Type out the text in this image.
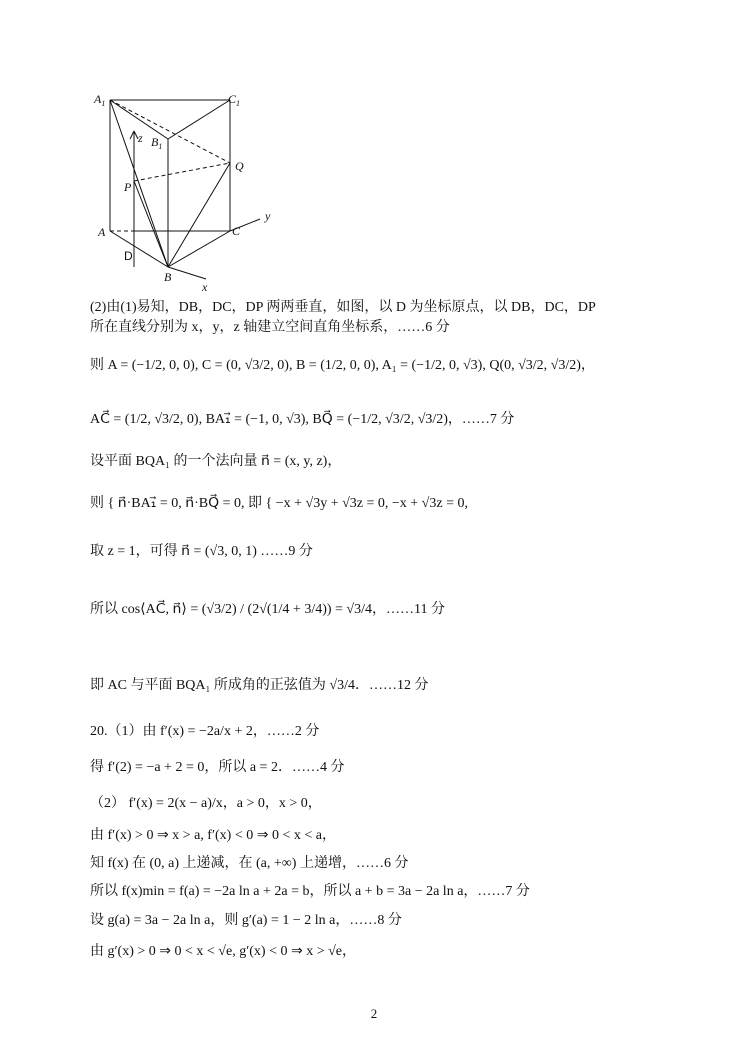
$A_1$	$C_1$
$B_1$
z
Q
P
A	C
y
D
B
x
(2)由(1)易知，DB，DC，DP 两两垂直，如图，以 D 为坐标原点，以 DB，DC，DP
所在直线分别为 x，y，z 轴建立空间直角坐标系，……6 分
则 A = (−1/2, 0, 0), C = (0, √3/2, 0), B = (1/2, 0, 0), A₁ = (−1/2, 0, √3), Q(0, √3/2, √3/2)，
AC⃗ = (1/2, √3/2, 0), BA₁⃗ = (−1, 0, √3), BQ⃗ = (−1/2, √3/2, √3/2)，……7 分
设平面 BQA₁ 的一个法向量 n⃗ = (x, y, z)，
则 { n⃗·BA₁⃗ = 0, n⃗·BQ⃗ = 0, 即 { −x + √3y + √3z = 0, −x + √3z = 0,
取 z = 1，可得 n⃗ = (√3, 0, 1) ……9 分
所以 cos⟨AC⃗, n⃗⟩ = (√3/2) / (2√(1/4 + 3/4)) = √3/4，……11 分
即 AC 与平面 BQA₁ 所成角的正弦值为 √3/4．……12 分
20.（1）由 f′(x) = −2a/x + 2，……2 分
得 f′(2) = −a + 2 = 0，所以 a = 2．……4 分
（2） f′(x) = 2(x − a)/x，a > 0，x > 0，
由 f′(x) > 0 ⇒ x > a, f′(x) < 0 ⇒ 0 < x < a，
知 f(x) 在 (0, a) 上递减，在 (a, +∞) 上递增，……6 分
所以 f(x)min = f(a) = −2a ln a + 2a = b，所以 a + b = 3a − 2a ln a，……7 分
设 g(a) = 3a − 2a ln a，则 g′(a) = 1 − 2 ln a，……8 分
由 g′(x) > 0 ⇒ 0 < x < √e, g′(x) < 0 ⇒ x > √e，
2
